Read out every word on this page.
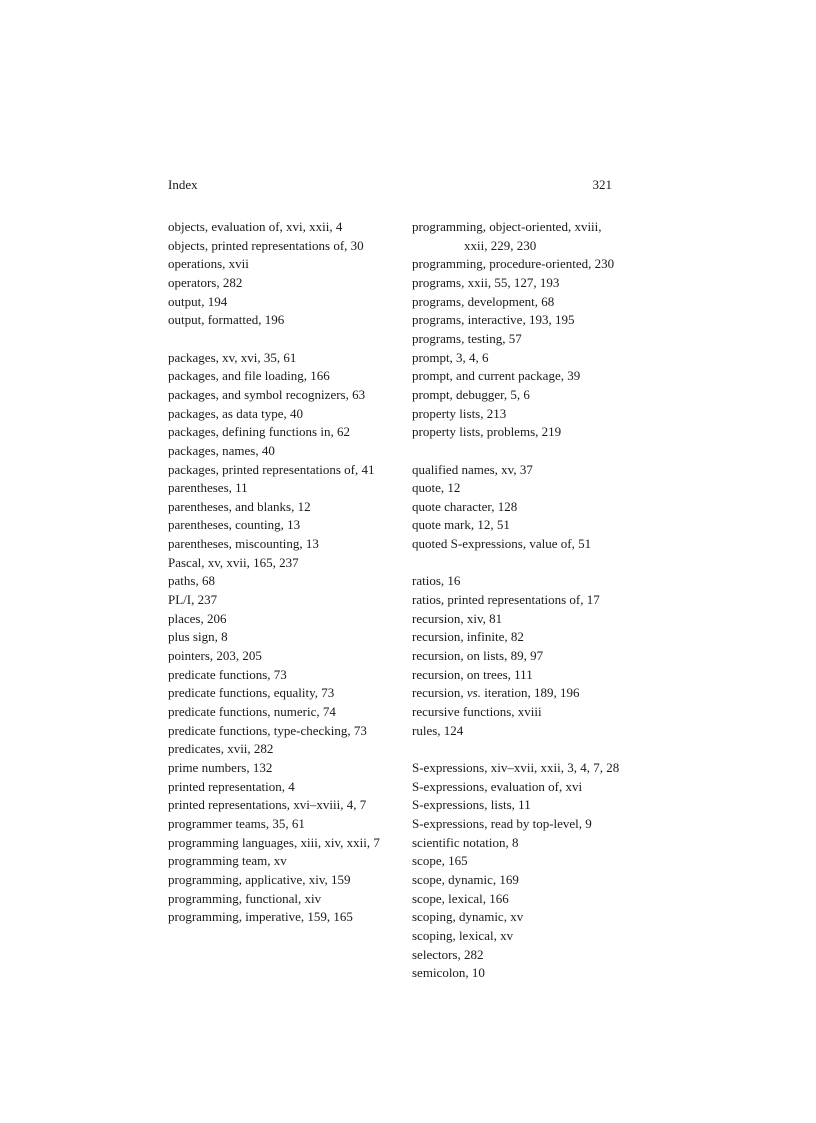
Index	321
objects, evaluation of, xvi, xxii, 4
objects, printed representations of, 30
operations, xvii
operators, 282
output, 194
output, formatted, 196
packages, xv, xvi, 35, 61
packages, and file loading, 166
packages, and symbol recognizers, 63
packages, as data type, 40
packages, defining functions in, 62
packages, names, 40
packages, printed representations of, 41
parentheses, 11
parentheses, and blanks, 12
parentheses, counting, 13
parentheses, miscounting, 13
Pascal, xv, xvii, 165, 237
paths, 68
PL/I, 237
places, 206
plus sign, 8
pointers, 203, 205
predicate functions, 73
predicate functions, equality, 73
predicate functions, numeric, 74
predicate functions, type-checking, 73
predicates, xvii, 282
prime numbers, 132
printed representation, 4
printed representations, xvi–xviii, 4, 7
programmer teams, 35, 61
programming languages, xiii, xiv, xxii, 7
programming team, xv
programming, applicative, xiv, 159
programming, functional, xiv
programming, imperative, 159, 165
programming, object-oriented, xviii, xxii, 229, 230
programming, procedure-oriented, 230
programs, xxii, 55, 127, 193
programs, development, 68
programs, interactive, 193, 195
programs, testing, 57
prompt, 3, 4, 6
prompt, and current package, 39
prompt, debugger, 5, 6
property lists, 213
property lists, problems, 219
qualified names, xv, 37
quote, 12
quote character, 128
quote mark, 12, 51
quoted S-expressions, value of, 51
ratios, 16
ratios, printed representations of, 17
recursion, xiv, 81
recursion, infinite, 82
recursion, on lists, 89, 97
recursion, on trees, 111
recursion, vs. iteration, 189, 196
recursive functions, xviii
rules, 124
S-expressions, xiv–xvii, xxii, 3, 4, 7, 28
S-expressions, evaluation of, xvi
S-expressions, lists, 11
S-expressions, read by top-level, 9
scientific notation, 8
scope, 165
scope, dynamic, 169
scope, lexical, 166
scoping, dynamic, xv
scoping, lexical, xv
selectors, 282
semicolon, 10
